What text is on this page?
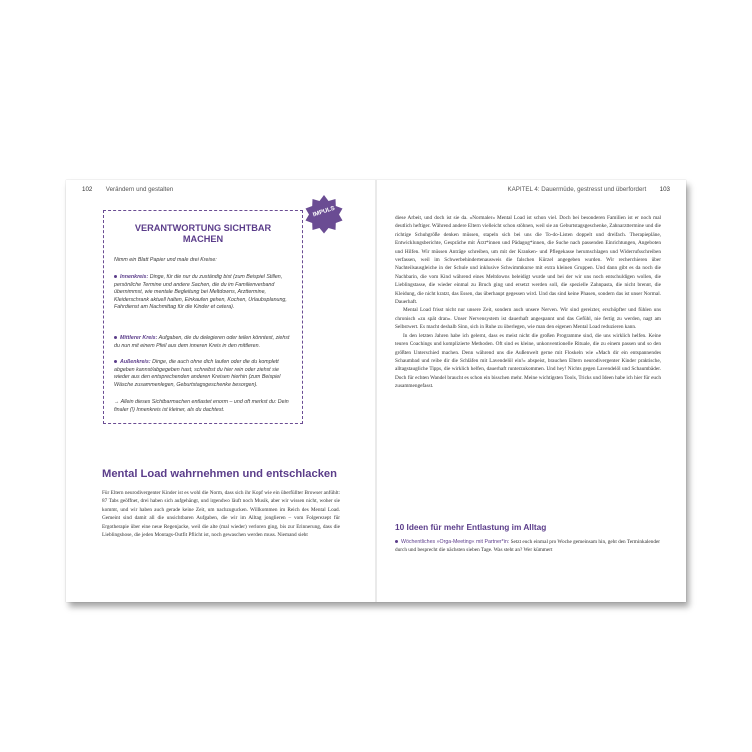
102 Verändern und gestalten
VERANTWORTUNG SICHTBAR MACHEN
Nimm ein Blatt Papier und male drei Kreise:
Innenkreis: Dinge, für die nur du zuständig bist (zum Beispiel Stillen, persönliche Termine und andere Sachen, die du im Familienverband übernimmst, wie mentale Begleitung bei Meltdowns, Arzttermine, Kleiderschrank aktuell halten, Einkaufen gehen, Kochen, Urlaubsplanung, Fahrdienst am Nachmittag für die Kinder et cetera).
Mittlerer Kreis: Aufgaben, die du delegieren oder teilen könntest, ziehst du nun mit einem Pfeil aus dem inneren Kreis in den mittleren.
Außenkreis: Dinge, die auch ohne dich laufen oder die du komplett abgeben kannst/abgegeben hast, schreibst du hier rein oder ziehst sie wieder aus den entsprechenden anderen Kreisen hierhin (zum Beispiel Wäsche zusammenlegen, Geburtstagsgeschenke besorgen).
→ Allein dieses Sichtbarmachen entlastet enorm – und oft merkst du: Dein finaler (!) Innenkreis ist kleiner, als du dachtest.
IMPULS
Mental Load wahrnehmen und entschlacken

Für Eltern neurodivergenter Kinder ist es wohl die Norm, dass sich ihr Kopf wie ein überfüllter Browser anfühlt: 87 Tabs geöffnet, drei haben sich aufgehängt, und irgendwo läuft noch Musik, aber wir wissen nicht, woher sie kommt, und wir haben auch gerade keine Zeit, um nachzugucken. Willkommen im Reich des Mental Load. Gemeint sind damit all die unsichtbaren Aufgaben, die wir im Alltag jonglieren – vom Folgerezept für Ergotherapie über eine neue Regenjacke, weil die alte (mal wieder) verloren ging, bis zur Erinnerung, dass die Lieblingshose, die jeden Montags-Outfit Pflicht ist, noch gewaschen werden muss. Niemand sieht

KAPITEL 4: Dauermüde, gestresst und überfordert 103

diese Arbeit, und doch ist sie da. »Normaler« Mental Load ist schon viel. Doch bei besonderen Familien ist er noch mal deutlich heftiger. Während andere Eltern vielleicht schon stöhnen, weil sie an Geburtstagsgeschenke, Zahnarzttermine und die richtige Schuhgröße denken müssen, stapeln sich bei uns die To-do-Listen doppelt und dreifach. Therapiepläne, Entwicklungsberichte, Gespräche mit Ärzt*innen und Pädagog*innen, die Suche nach passenden Einrichtungen, Angeboten und Hilfen. Wir müssen Anträge schreiben, um mit der Kranken- und Pflegekasse herumschlagen und Widerrufsschreiben verfassen, weil im Schwerbehindertenausweis die falschen Kürzel angegeben wurden. Wir recherchieren über Nachteilsausgleiche in der Schule und inklusive Schwimmkurse mit extra kleinen Gruppen. Und dann gibt es da noch die Nachbarin, die vom Kind während eines Meltdowns beleidigt wurde und bei der wir uns noch entschuldigen wollen, die Lieblingstasse, die wieder einmal zu Bruch ging und ersetzt werden soll, die spezielle Zahnpasta, die nicht brennt, die Kleidung, die nicht kratzt, das Essen, das überhaupt gegessen wird. Und das sind keine Phasen, sondern das ist unser Normal. Dauerhaft.

Mental Load frisst nicht nur unsere Zeit, sondern auch unsere Nerven. Wir sind gereizter, erschöpfter und fühlen uns chronisch »zu spät dran«. Unser Nervensystem ist dauerhaft angespannt und das Gefühl, nie fertig zu werden, nagt am Selbstwert. Es macht deshalb Sinn, sich in Ruhe zu überlegen, wie man den eigenen Mental Load reduzieren kann.

In den letzten Jahren habe ich gelernt, dass es meist nicht die großen Programme sind, die uns wirklich helfen. Keine teuren Coachings und komplizierte Methoden. Oft sind es kleine, unkonventionelle Rituale, die zu einem passen und so den größten Unterschied machen. Denn während uns die Außenwelt gerne mit Floskeln wie »Mach dir ein entspannendes Schaumbad und reibe dir die Schläfen mit Lavendelöl ein!« abspeist, brauchen Eltern neurodivergenter Kinder praktische, alltagstaugliche Tipps, die wirklich helfen, dauerhaft runterzukommen. Und hey! Nichts gegen Lavendelöl und Schaumbäder. Doch für echten Wandel braucht es schon ein bisschen mehr. Meine wichtigsten Tools, Tricks und Ideen habe ich hier für euch zusammengefasst.

10 Ideen für mehr Entlastung im Alltag
Wöchentliches »Orga-Meeting« mit Partner*in: Setzt euch einmal pro Woche gemeinsam hin, geht den Terminkalender durch und besprecht die nächsten sieben Tage. Was steht an? Wer kümmert
